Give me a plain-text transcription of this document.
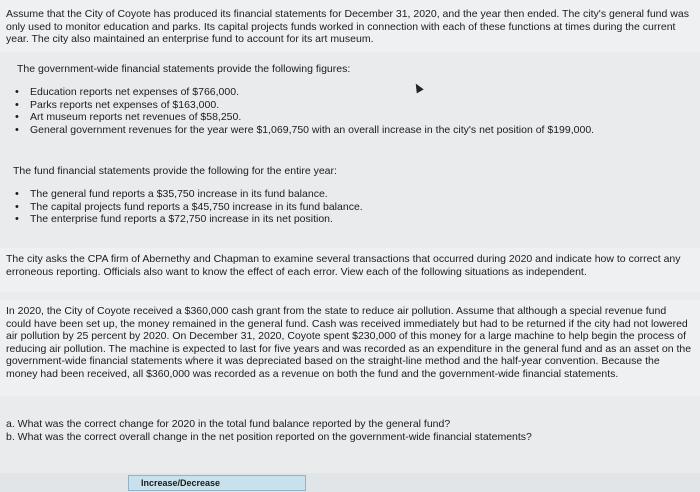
Assume that the City of Coyote has produced its financial statements for December 31, 2020, and the year then ended. The city's general fund was only used to monitor education and parks. Its capital projects funds worked in connection with each of these functions at times during the current year. The city also maintained an enterprise fund to account for its art museum.

The government-wide financial statements provide the following figures:

• Education reports net expenses of $766,000.
• Parks reports net expenses of $163,000.
• Art museum reports net revenues of $58,250.
• General government revenues for the year were $1,069,750 with an overall increase in the city's net position of $199,000.

The fund financial statements provide the following for the entire year:

• The general fund reports a $35,750 increase in its fund balance.
• The capital projects fund reports a $45,750 increase in its fund balance.
• The enterprise fund reports a $72,750 increase in its net position.

The city asks the CPA firm of Abernethy and Chapman to examine several transactions that occurred during 2020 and indicate how to correct any erroneous reporting. Officials also want to know the effect of each error. View each of the following situations as independent.

In 2020, the City of Coyote received a $360,000 cash grant from the state to reduce air pollution. Assume that although a special revenue fund could have been set up, the money remained in the general fund. Cash was received immediately but had to be returned if the city had not lowered air pollution by 25 percent by 2020. On December 31, 2020, Coyote spent $230,000 of this money for a large machine to help begin the process of reducing air pollution. The machine is expected to last for five years and was recorded as an expenditure in the general fund and as an asset on the government-wide financial statements where it was depreciated based on the straight-line method and the half-year convention. Because the money had been received, all $360,000 was recorded as a revenue on both the fund and the government-wide financial statements.

a. What was the correct change for 2020 in the total fund balance reported by the general fund?

b. What was the correct overall change in the net position reported on the government-wide financial statements?

Increase/Decrease
